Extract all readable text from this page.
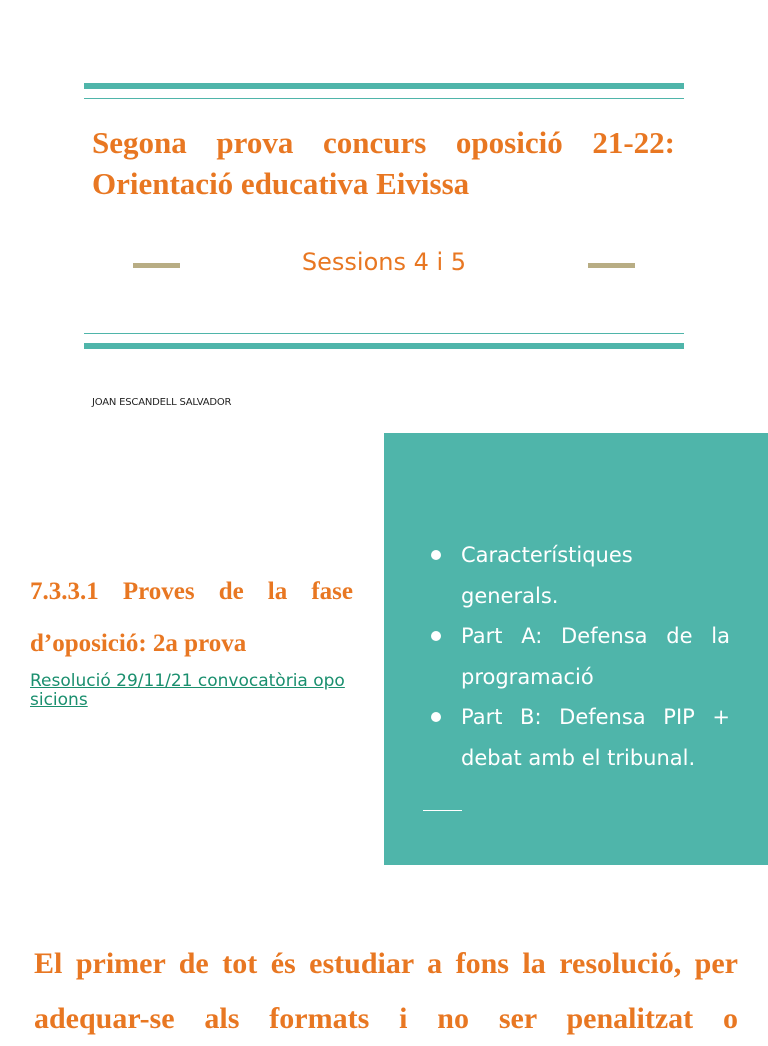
Segona prova concurs oposició 21-22: Orientació educativa Eivissa
Sessions 4 i 5
JOAN ESCANDELL SALVADOR
7.3.3.1 Proves de la fase d’oposició: 2a prova
Resolució 29/11/21 convocatòria oposicions
Característiques generals.
Part A: Defensa de la programació
Part B: Defensa PIP + debat amb el tribunal.

El primer de tot és estudiar a fons la resolució, per adequar-se als formats i no ser penalitzat o
